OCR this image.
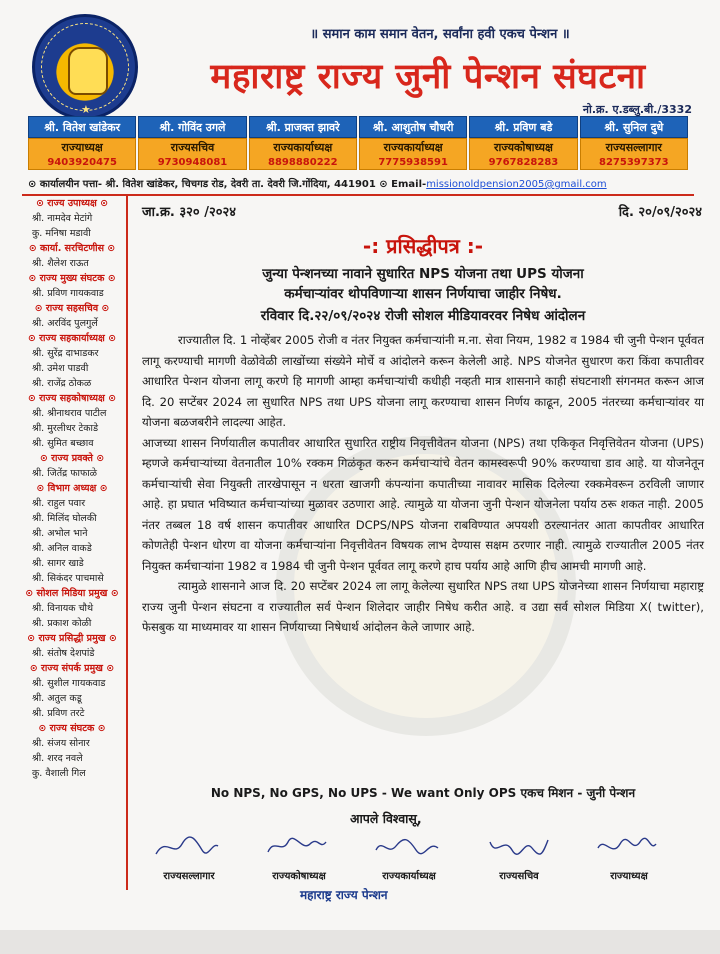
★
॥ समान काम समान वेतन, सर्वांना हवी एकच पेन्शन ॥
महाराष्ट्र राज्य जुनी पेन्शन संघटना
नो.क्र. ए.डब्लु.बी./3332
श्री. वितेश खांडेकर
राज्याध्यक्ष
9403920475
श्री. गोविंद उगले
राज्यसचिव
9730948081
श्री. प्राजक्त झावरे
राज्यकार्याध्यक्ष
8898880222
श्री. आशुतोष चौधरी
राज्यकार्याध्यक्ष
7775938591
श्री. प्रविण बडे
राज्यकोषाध्यक्ष
9767828283
श्री. सुनिल दुधे
राज्यसल्लागार
8275397373
⊙ कार्यालयीन पत्ता- श्री. वितेश खांडेकर, चिचगड रोड, देवरी ता. देवरी जि.गोंदिया, 441901 ⊙ Email-missionoldpension2005@gmail.com
⊙ राज्य उपाध्यक्ष ⊙
श्री. नामदेव मेटांगे
कु. मनिषा मडावी
⊙ कार्या. सरचिटणीस ⊙
श्री. शैलेश राऊत
⊙ राज्य मुख्य संघटक ⊙
श्री. प्रविण गायकवाड
⊙ राज्य सहसचिव ⊙
श्री. अरविंद पुलगुर्ले
⊙ राज्य सहकार्याध्यक्ष ⊙
श्री. सुरेंद्र दाभाडकर
श्री. उमेश पाडवी
श्री. राजेंद्र ठोकळ
⊙ राज्य सहकोषाध्यक्ष ⊙
श्री. श्रीनाथराव पाटील
श्री. मुरलीधर टेकाडे
श्री. सुमित बच्छाव
⊙ राज्य प्रवक्ते ⊙
श्री. जितेंद्र फाफाळे
⊙ विभाग अध्यक्ष ⊙
श्री. राहुल पवार
श्री. मिलिंद घोलकी
श्री. अभोल भाने
श्री. अनिल वाकडे
श्री. सागर खाडे
श्री. सिकंदर पाचमासे
⊙ सोशल मिडिया प्रमुख ⊙
श्री. विनायक चौथे
श्री. प्रकाश कोळी
⊙ राज्य प्रसिद्धी प्रमुख ⊙
श्री. संतोष देशपांडे
⊙ राज्य संपर्क प्रमुख ⊙
श्री. सुशील गायकवाड
श्री. अतुल कडू
श्री. प्रविण तरटे
⊙ राज्य संघटक ⊙
श्री. संजय सोनार
श्री. शरद नवले
कु. वैशाली गिल
जा.क्र. ३२० /२०२४	दि. २०/०९/२०२४
-: प्रसिद्धीपत्र :-
जुन्या पेन्शनच्या नावाने सुधारित NPS योजना तथा UPS योजना
कर्मचाऱ्यांवर थोपविणाऱ्या शासन निर्णयाचा जाहीर निषेध.
रविवार दि.२२/०९/२०२४ रोजी सोशल मीडियावरवर निषेध आंदोलन

राज्यातील दि. 1 नोव्हेंबर 2005 रोजी व नंतर नियुक्त कर्मचाऱ्यांनी म.ना. सेवा नियम, 1982 व 1984 ची जुनी पेन्शन पूर्ववत लागू करण्याची मागणी वेळोवेळी लाखोंच्या संख्येने मोर्चे व आंदोलने करून केलेली आहे. NPS योजनेत सुधारण करा किंवा कपातीवर आधारित पेन्शन योजना लागू करणे हि मागणी आम्हा कर्मचाऱ्यांची कधीही नव्हती मात्र शासनाने काही संघटनाशी संगनमत करून आज दि. 20 सप्टेंबर 2024 ला सुधारित NPS तथा UPS योजना लागू करण्याचा शासन निर्णय काढून, 2005 नंतरच्या कर्मचाऱ्यांवर या योजना बळजबरीने लादल्या आहेत.

आजच्या शासन निर्णयातील कपातीवर आधारित सुधारित राष्ट्रीय निवृत्तीवेतन योजना (NPS) तथा एकिकृत निवृत्तिवेतन योजना (UPS) म्हणजे कर्मचाऱ्यांच्या वेतनातील 10% रक्कम गिळंकृत करुन कर्मचाऱ्यांचे वेतन कामस्वरूपी 90% करण्याचा डाव आहे. या योजनेतून कर्मचाऱ्यांची सेवा नियुक्ती तारखेपासून न धरता खाजगी कंपन्यांना कपातीच्या नावावर मासिक दिलेल्या रक्कमेवरून ठरविली जाणार आहे. हा प्रघात भविष्यात कर्मचाऱ्यांच्या मुळावर उठणारा आहे. त्यामुळे या योजना जुनी पेन्शन योजनेला पर्याय ठरू शकत नाही. 2005 नंतर तब्बल 18 वर्ष शासन कपातीवर आधारित DCPS/NPS योजना राबविण्यात अपयशी ठरल्यानंतर आता कापतीवर आधारित कोणतेही पेन्शन धोरण वा योजना कर्मचाऱ्यांना निवृत्तीवेतन विषयक लाभ देण्यास सक्षम ठरणार नाही. त्यामुळे राज्यातील 2005 नंतर नियुक्त कर्मचाऱ्यांना 1982 व 1984 ची जुनी पेन्शन पूर्ववत लागू करणे हाच पर्याय आहे आणि हीच आमची मागणी आहे.

त्यामुळे शासनाने आज दि. 20 सप्टेंबर 2024 ला लागू केलेल्या सुधारित NPS तथा UPS योजनेच्या शासन निर्णयाचा महाराष्ट्र राज्य जुनी पेन्शन संघटना व राज्यातील सर्व पेन्शन शिलेदार जाहीर निषेध करीत आहे. व उद्या सर्व सोशल मिडिया X( twitter), फेसबुक या माध्यमावर या शासन निर्णयाच्या निषेधार्थ आंदोलन केले जाणार आहे.

No NPS, No GPS, No UPS - We want Only OPS एकच मिशन - जुनी पेन्शन
आपले विश्वासू,
राज्यसल्लागार	राज्यकोषाध्यक्ष	राज्यकार्याध्यक्ष	राज्यसचिव	राज्याध्यक्ष
महाराष्ट्र राज्य पेन्शन
